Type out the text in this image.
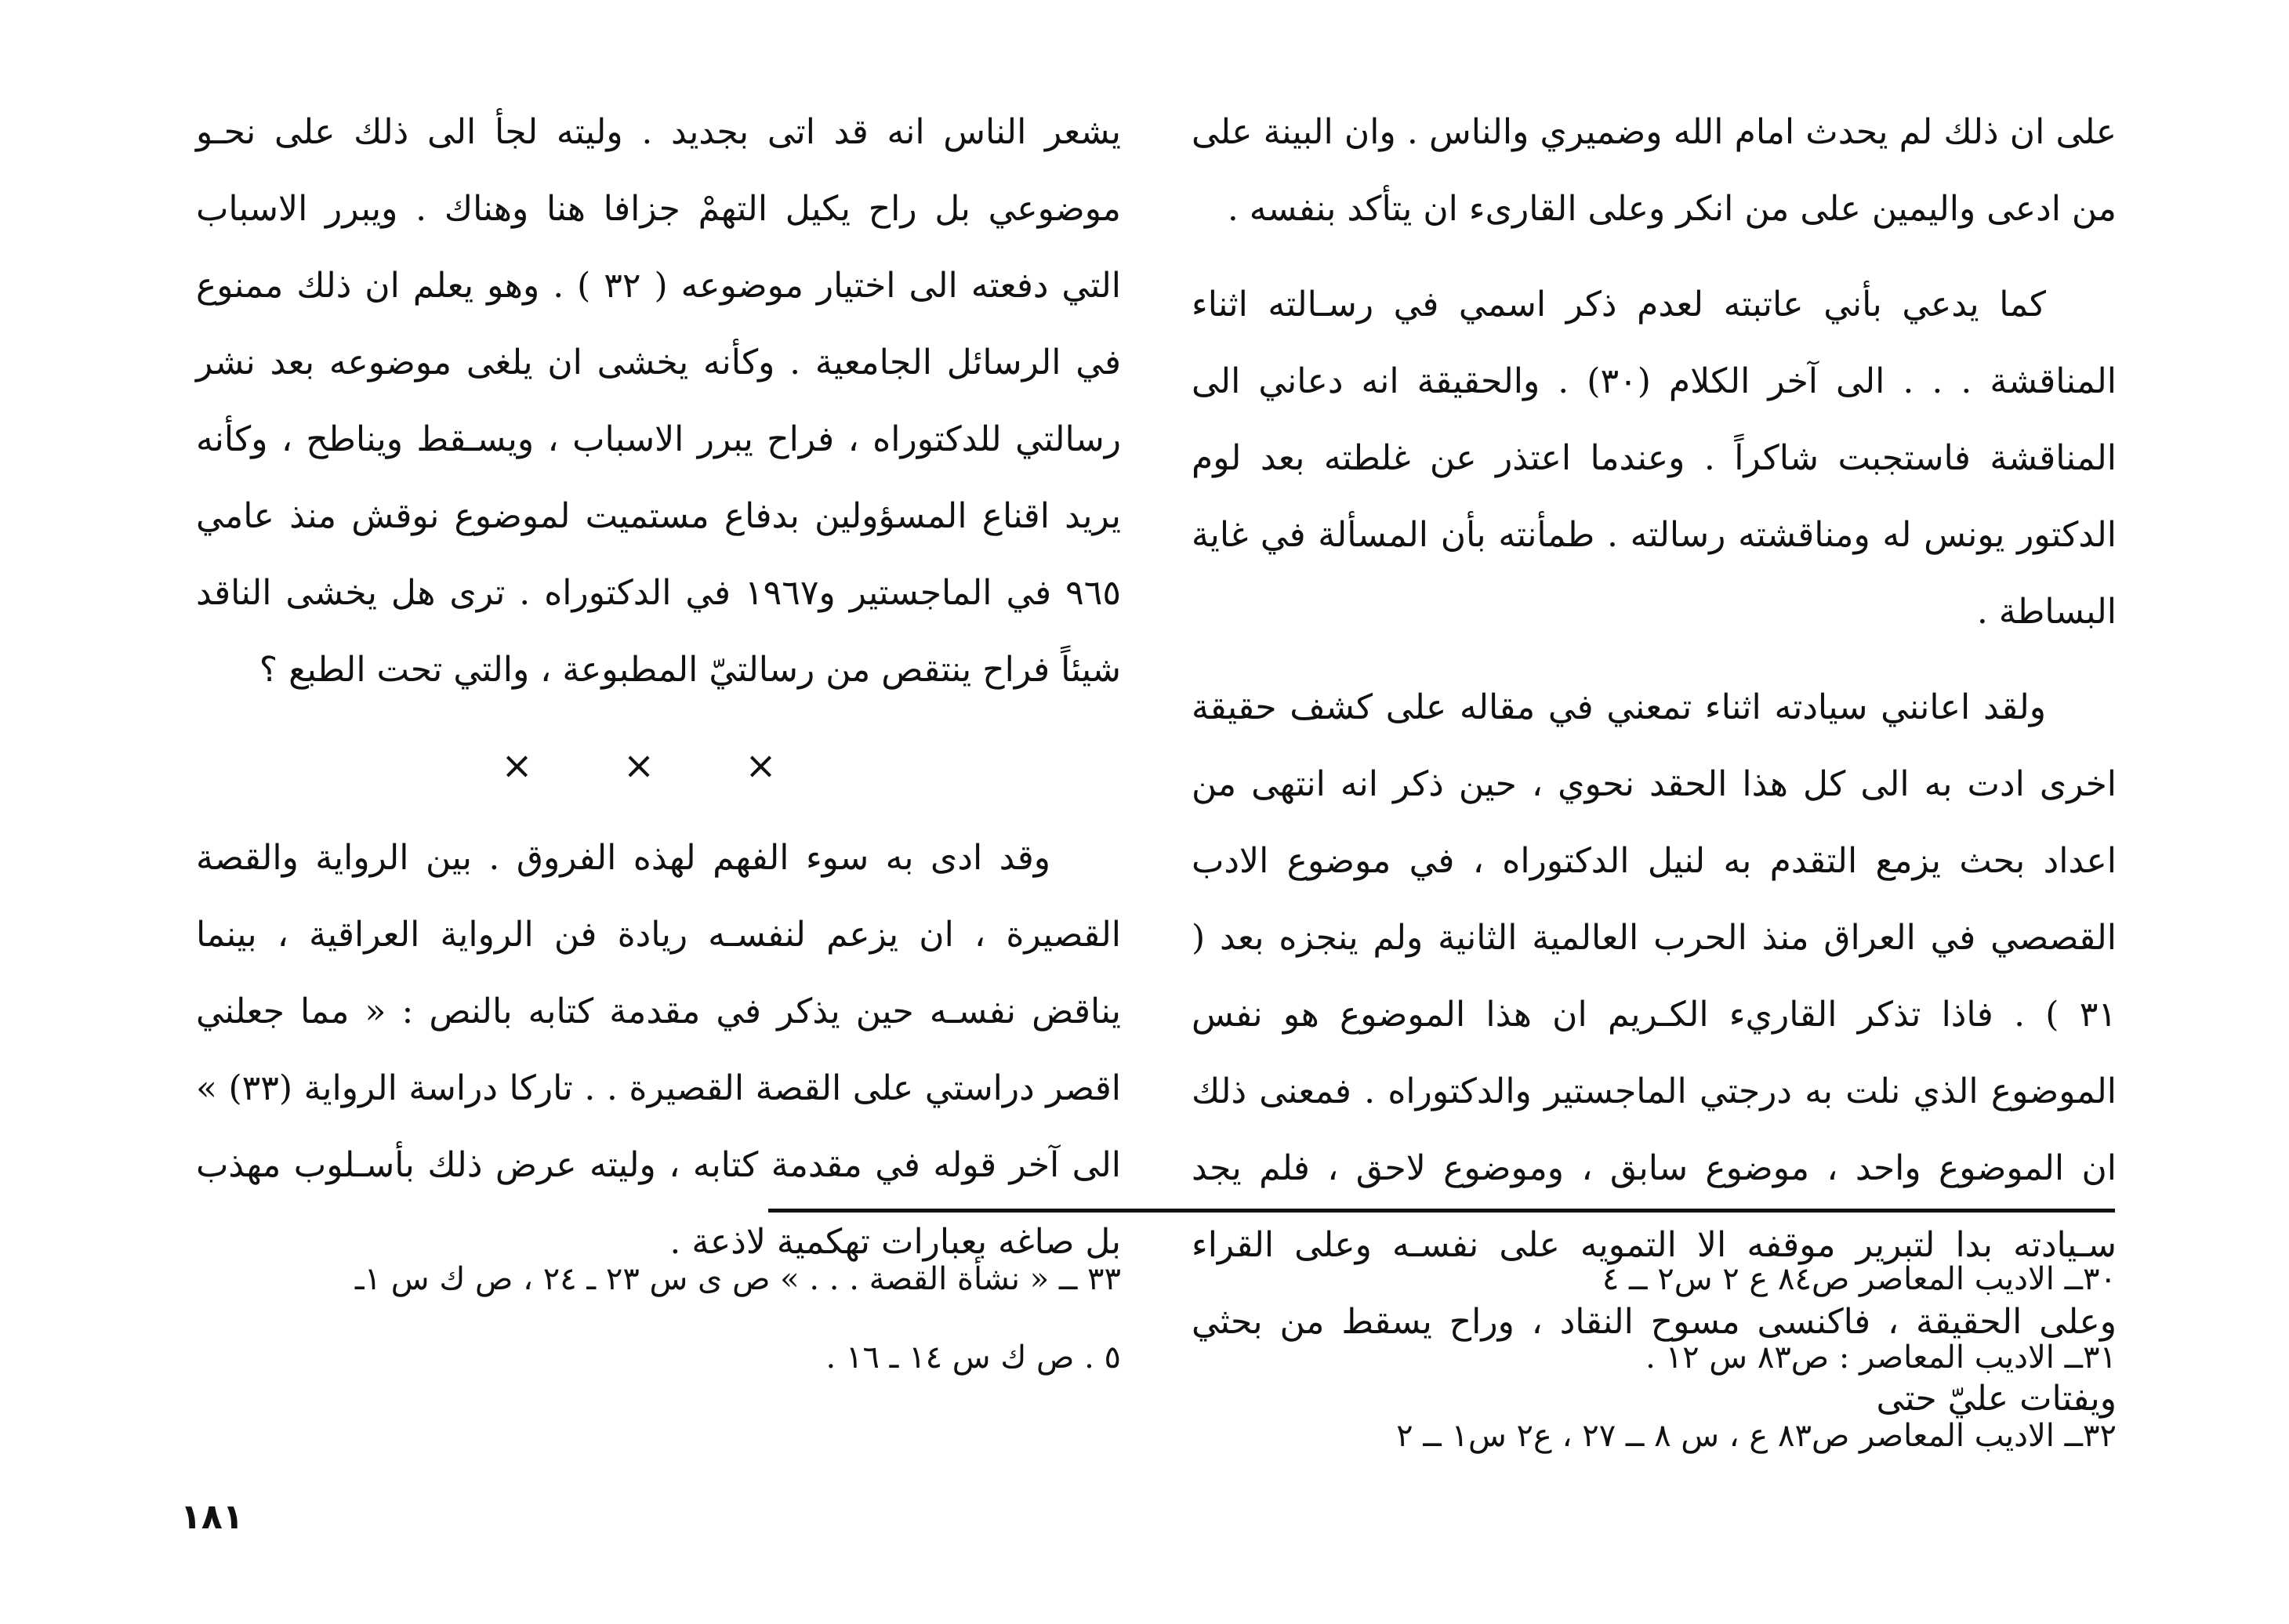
على ان ذلك لم يحدث امام الله وضميري والناس . وان البينة على من ادعى واليمين على من انكر وعلى القارىء ان يتأكد بنفسه .

كما يدعي بأني عاتبته لعدم ذكر اسمي في رسـالته اثناء المناقشة . . . الى آخر الكلام (٣٠) . والحقيقة انه دعاني الى المناقشة فاستجبت شاكراً . وعندما اعتذر عن غلطته بعد لوم الدكتور يونس له ومناقشته رسالته . طمأنته بأن المسألة في غاية البساطة .

ولقد اعانني سيادته اثناء تمعني في مقاله على كشف حقيقة اخرى ادت به الى كل هذا الحقد نحوي ، حين ذكر انه انتهى من اعداد بحث يزمع التقدم به لنيل الدكتوراه ، في موضوع الادب القصصي في العراق منذ الحرب العالمية الثانية ولم ينجزه بعد ( ٣١ ) . فاذا تذكر القاريء الكـريم ان هذا الموضوع هو نفس الموضوع الذي نلت به درجتي الماجستير والدكتوراه . فمعنى ذلك ان الموضوع واحد ، موضوع سابق ، وموضوع لاحق ، فلم يجد سـيادته بدا لتبرير موقفه الا التمويه على نفسـه وعلى القراء وعلى الحقيقة ، فاكنسى مسوح النقاد ، وراح يسقط من بحثي ويفتات عليّ حتى

يشعر الناس انه قد اتى بجديد . وليته لجأ الى ذلك على نحـو موضوعي بل راح يكيل التهمْ جزافا هنا وهناك . ويبرر الاسباب التي دفعته الى اختيار موضوعه ( ٣٢ ) . وهو يعلم ان ذلك ممنوع في الرسائل الجامعية . وكأنه يخشى ان يلغى موضوعه بعد نشر رسالتي للدكتوراه ، فراح يبرر الاسباب ، ويسـقط ويناطح ، وكأنه يريد اقناع المسؤولين بدفاع مستميت لموضوع نوقش منذ عامي ٩٦٥ في الماجستير و١٩٦٧ في الدكتوراه . ترى هل يخشى الناقد شيئاً فراح ينتقص من رسالتيّ المطبوعة ، والتي تحت الطبع ؟

× × ×

وقد ادى به سوء الفهم لهذه الفروق . بين الرواية والقصة القصيرة ، ان يزعم لنفسـه ريادة فن الرواية العراقية ، بينما يناقض نفسـه حين يذكر في مقدمة كتابه بالنص : « مما جعلني اقصر دراستي على القصة القصيرة . . تاركا دراسة الرواية (٣٣) » الى آخر قوله في مقدمة كتابه ، وليته عرض ذلك بأسـلوب مهذب بل صاغه بعبارات تهكمية لاذعة .

٣٠ــ الاديب المعاصر ص٨٤ ع ٢ س٢ ــ ٤

٣١ــ الاديب المعاصر : ص٨٣ س ١٢ .

٣٢ــ الاديب المعاصر ص٨٣ ع ، س ٨ ــ ٢٧ ، ع٢ س١ ــ ٢

٣٣ ــ « نشأة القصة . . . » ص ى س ٢٣ ـ ٢٤ ، ص ك س ١ـ

٥ . ص ك س ١٤ ـ ١٦ .

١٨١
